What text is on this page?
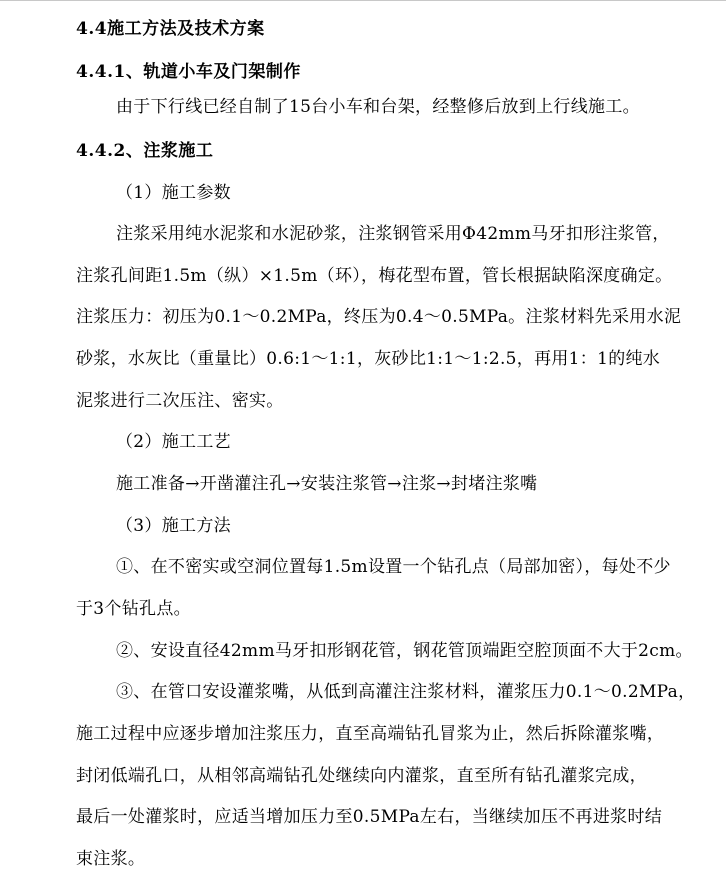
4.4施工方法及技术方案
4.4.1、轨道小车及门架制作
由于下行线已经自制了15台小车和台架，经整修后放到上行线施工。
4.4.2、注浆施工
（1）施工参数
注浆采用纯水泥浆和水泥砂浆，注浆钢管采用Φ42mm马牙扣形注浆管，
注浆孔间距1.5m（纵）×1.5m（环），梅花型布置，管长根据缺陷深度确定。
注浆压力：初压为0.1～0.2MPa，终压为0.4～0.5MPa。注浆材料先采用水泥
砂浆，水灰比（重量比）0.6:1～1:1，灰砂比1:1～1:2.5，再用1：1的纯水
泥浆进行二次压注、密实。
（2）施工工艺
施工准备→开凿灌注孔→安装注浆管→注浆→封堵注浆嘴
（3）施工方法
①、在不密实或空洞位置每1.5m设置一个钻孔点（局部加密），每处不少
于3个钻孔点。
②、安设直径42mm马牙扣形钢花管，钢花管顶端距空腔顶面不大于2cm。
③、在管口安设灌浆嘴，从低到高灌注注浆材料，灌浆压力0.1～0.2MPa，
施工过程中应逐步增加注浆压力，直至高端钻孔冒浆为止，然后拆除灌浆嘴，
封闭低端孔口，从相邻高端钻孔处继续向内灌浆，直至所有钻孔灌浆完成，
最后一处灌浆时，应适当增加压力至0.5MPa左右，当继续加压不再进浆时结
束注浆。
